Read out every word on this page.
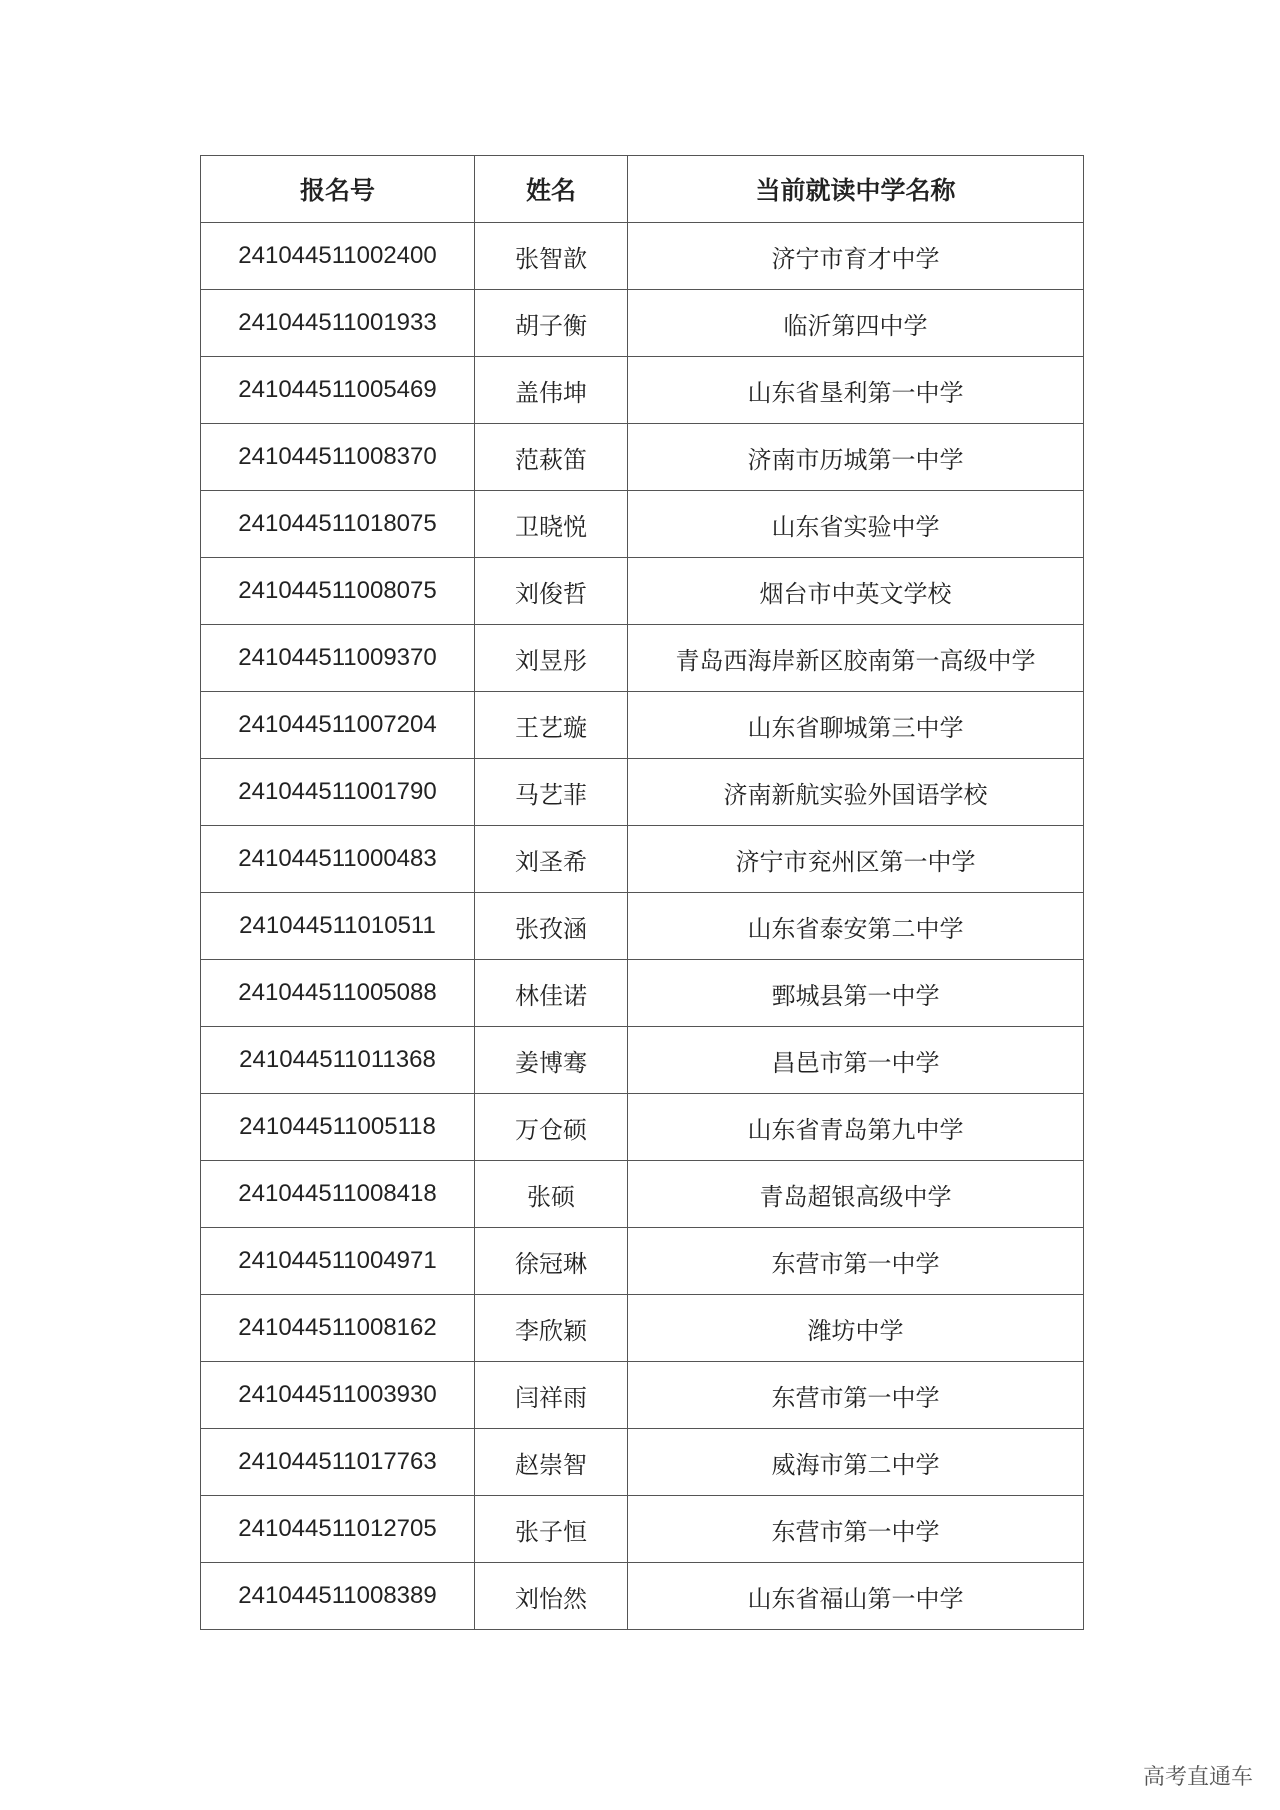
报名号	姓名	当前就读中学名称
241044511002400	张智歆	济宁市育才中学
241044511001933	胡子衡	临沂第四中学
241044511005469	盖伟坤	山东省垦利第一中学
241044511008370	范萩笛	济南市历城第一中学
241044511018075	卫晓悦	山东省实验中学
241044511008075	刘俊哲	烟台市中英文学校
241044511009370	刘昱彤	青岛西海岸新区胶南第一高级中学
241044511007204	王艺璇	山东省聊城第三中学
241044511001790	马艺菲	济南新航实验外国语学校
241044511000483	刘圣希	济宁市兖州区第一中学
241044511010511	张孜涵	山东省泰安第二中学
241044511005088	林佳诺	鄄城县第一中学
241044511011368	姜博骞	昌邑市第一中学
241044511005118	万仓硕	山东省青岛第九中学
241044511008418	张硕	青岛超银高级中学
241044511004971	徐冠琳	东营市第一中学
241044511008162	李欣颖	潍坊中学
241044511003930	闫祥雨	东营市第一中学
241044511017763	赵崇智	威海市第二中学
241044511012705	张子恒	东营市第一中学
241044511008389	刘怡然	山东省福山第一中学
高考直通车
